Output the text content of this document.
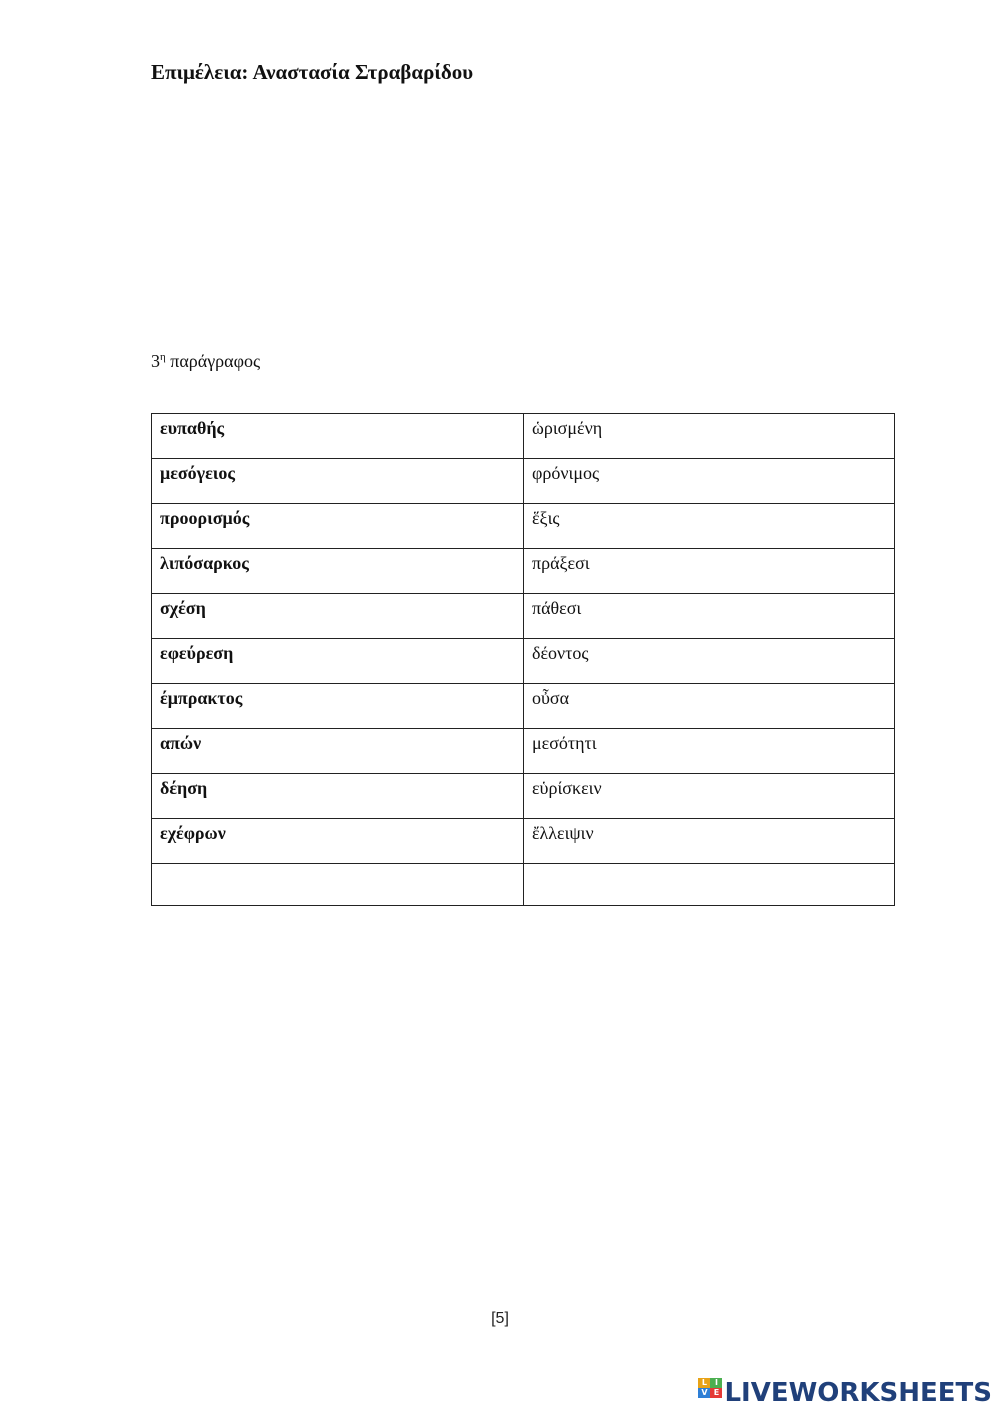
Επιμέλεια: Αναστασία Στραβαρίδου

$3^\eta$ παράγραφος

ευπαθής	ὡρισμένη
μεσόγειος	φρόνιμος
προορισμός	ἕξις
λιπόσαρκος	πράξεσι
σχέση	πάθεσι
εφεύρεση	δέοντος
έμπρακτος	οὖσα
απών	μεσότητι
δέηση	εὑρίσκειν
εχέφρων	ἔλλειψιν

[5]
L I
V E LIVEWORKSHEETS
